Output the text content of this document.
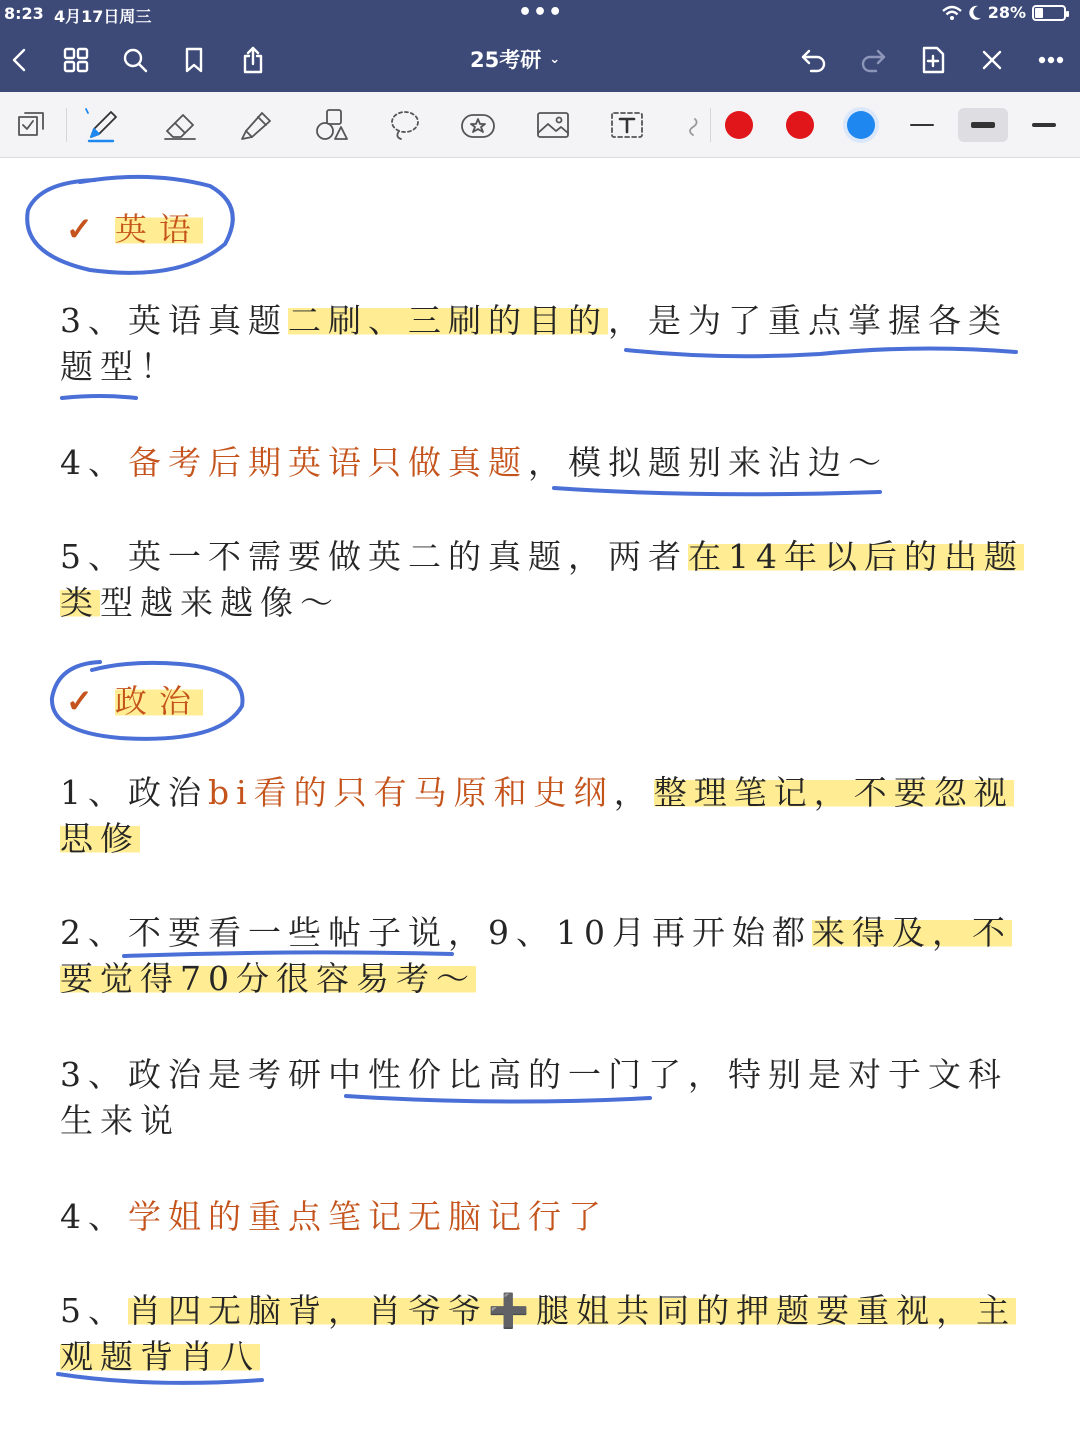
8:23 4月17日周三	•••	28%
25考研 ⌄
✓ 英语
3、英语真题二刷、三刷的目的，是为了重点掌握各类题型！
4、备考后期英语只做真题，模拟题别来沾边～
5、英一不需要做英二的真题，两者在14年以后的出题类型越来越像～
✓ 政治
1、政治bi看的只有马原和史纲，整理笔记，不要忽视思修
2、不要看一些帖子说，9、10月再开始都来得及，不要觉得70分很容易考～
3、政治是考研中性价比高的一门了，特别是对于文科生来说
4、学姐的重点笔记无脑记行了
5、肖四无脑背，肖爷爷➕腿姐共同的押题要重视，主观题背肖八
